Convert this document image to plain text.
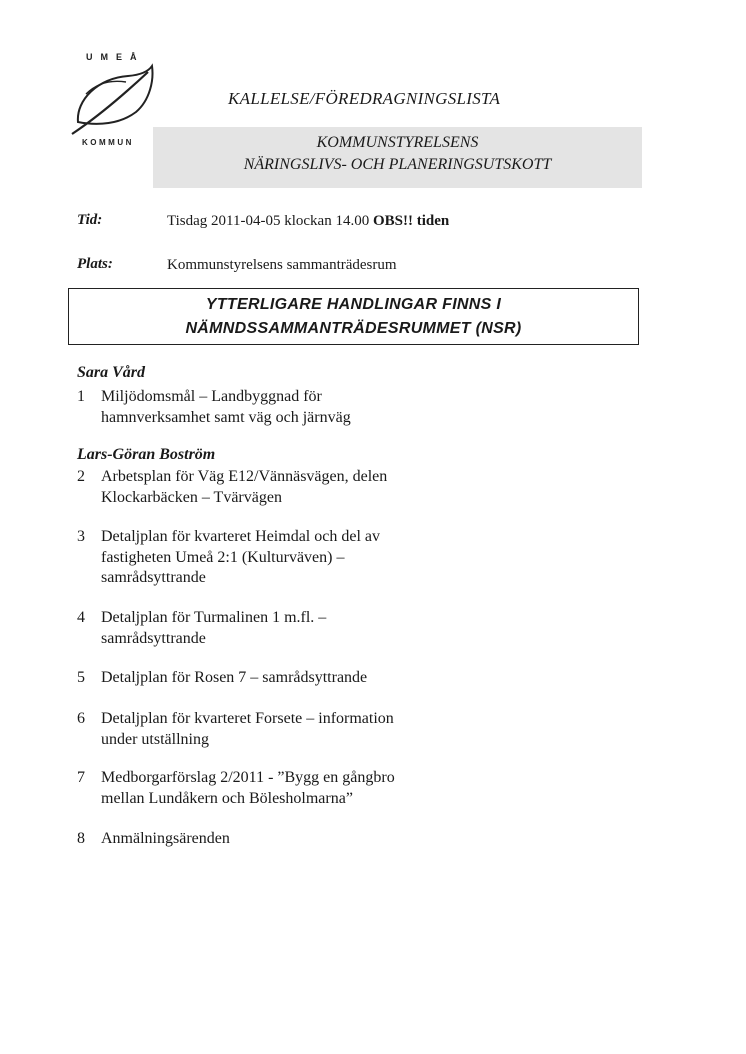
UMEÅ
KOMMUN
KALLELSE/FÖREDRAGNINGSLISTA
KOMMUNSTYRELSENS
NÄRINGSLIVS- OCH PLANERINGSUTSKOTT
Tid:	Tisdag 2011-04-05 klockan 14.00 OBS!! tiden
Plats:	Kommunstyrelsens sammanträdesrum
YTTERLIGARE HANDLINGAR FINNS I
NÄMNDSSAMMANTRÄDESRUMMET (NSR)
Sara Vård
1 Miljödomsmål – Landbyggnad för
hamnverksamhet samt väg och järnväg
Lars-Göran Boström
2 Arbetsplan för Väg E12/Vännäsvägen, delen
Klockarbäcken – Tvärvägen
3 Detaljplan för kvarteret Heimdal och del av
fastigheten Umeå 2:1 (Kulturväven) –
samrådsyttrande
4 Detaljplan för Turmalinen 1 m.fl. –
samrådsyttrande
5 Detaljplan för Rosen 7 – samrådsyttrande
6 Detaljplan för kvarteret Forsete – information
under utställning
7 Medborgarförslag 2/2011 - ”Bygg en gångbro
mellan Lundåkern och Bölesholmarna”
8 Anmälningsärenden
